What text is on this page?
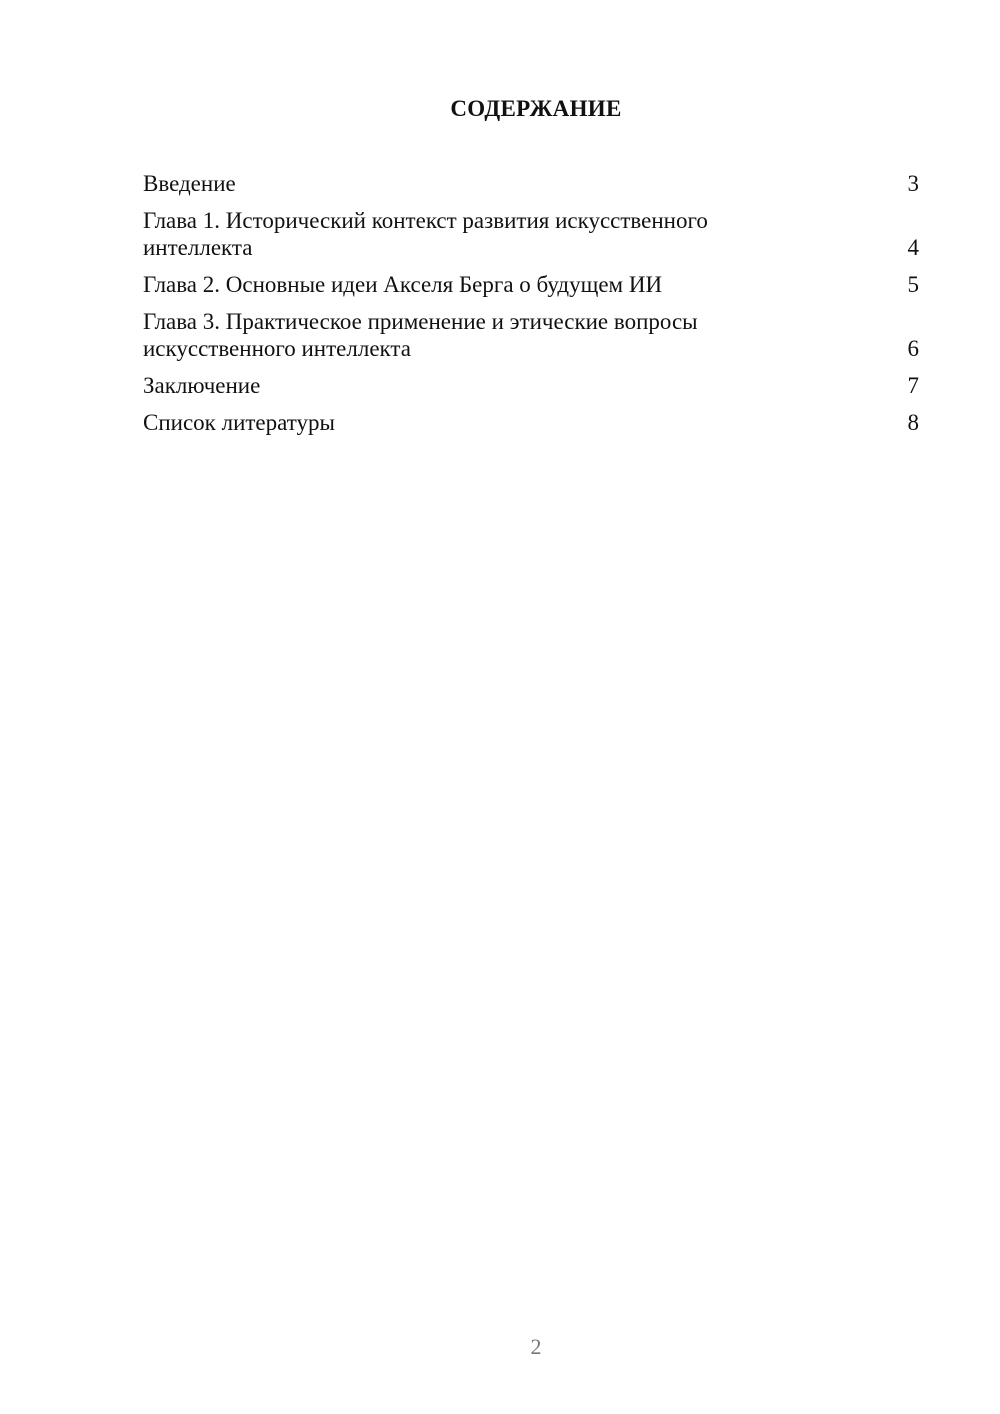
СОДЕРЖАНИЕ
Введение	3
Глава 1. Исторический контекст развития искусственного интеллекта	4
Глава 2. Основные идеи Акселя Берга о будущем ИИ	5
Глава 3. Практическое применение и этические вопросы искусственного интеллекта	6
Заключение	7
Список литературы	8
2
